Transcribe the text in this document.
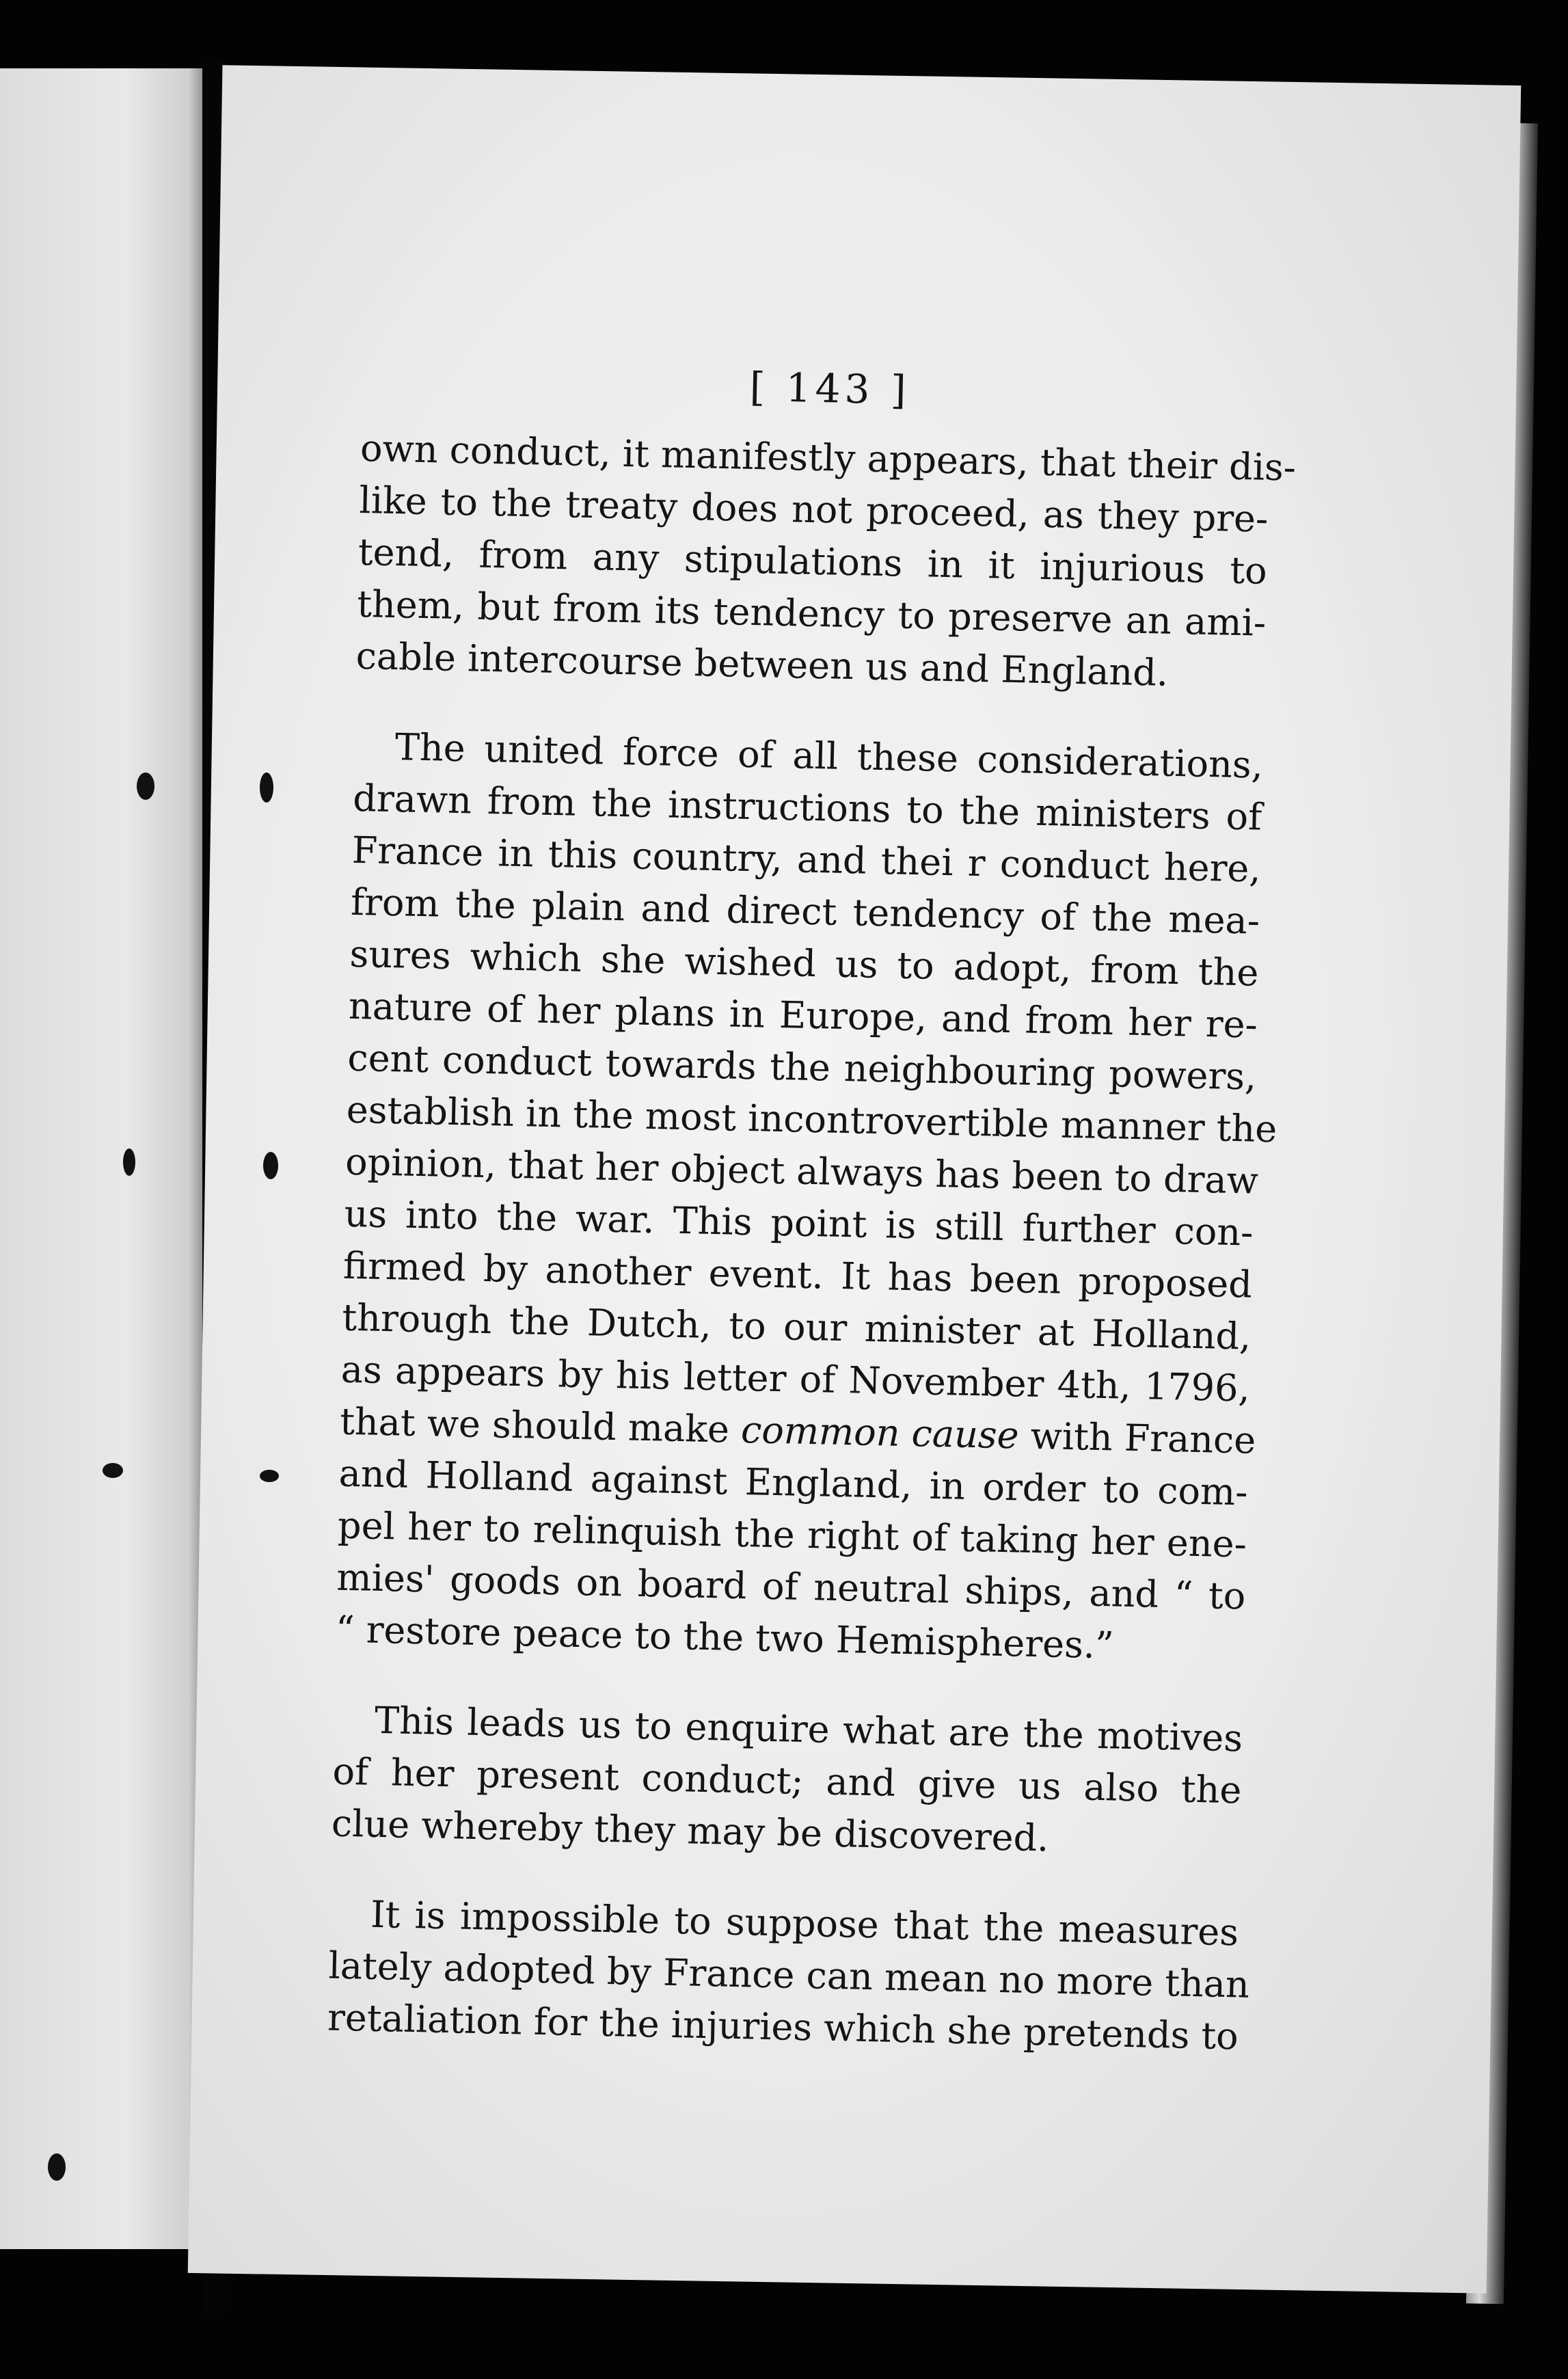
[ 143 ]
own conduct, it manifestly appears, that their dis-
like to the treaty does not proceed, as they pre-
tend, from any stipulations in it injurious to
them, but from its tendency to preserve an ami-
cable intercourse between us and England.
The united force of all these considerations,
drawn from the instructions to the ministers of
France in this country, and thei r conduct here,
from the plain and direct tendency of the mea-
sures which she wished us to adopt, from the
nature of her plans in Europe, and from her re-
cent conduct towards the neighbouring powers,
establish in the most incontrovertible manner the
opinion, that her object always has been to draw
us into the war. This point is still further con-
firmed by another event. It has been proposed
through the Dutch, to our minister at Holland,
as appears by his letter of November 4th, 1796,
that we should make common cause with France
and Holland against England, in order to com-
pel her to relinquish the right of taking her ene-
mies' goods on board of neutral ships, and “ to
“ restore peace to the two Hemispheres.”
This leads us to enquire what are the motives
of her present conduct; and give us also the
clue whereby they may be discovered.
It is impossible to suppose that the measures
lately adopted by France can mean no more than
retaliation for the injuries which she pretends to
